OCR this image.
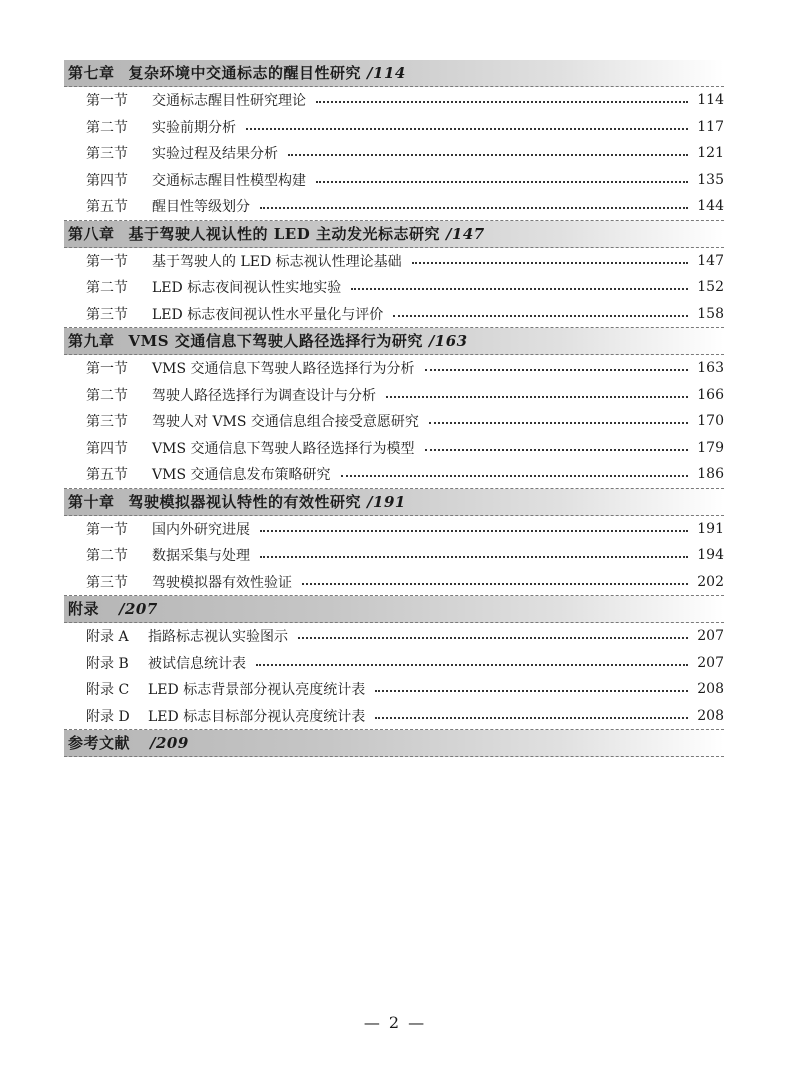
第七章 复杂环境中交通标志的醒目性研究 /114
第一节	交通标志醒目性研究理论	114
第二节	实验前期分析	117
第三节	实验过程及结果分析	121
第四节	交通标志醒目性模型构建	135
第五节	醒目性等级划分	144
第八章 基于驾驶人视认性的 LED 主动发光标志研究 /147
第一节	基于驾驶人的 LED 标志视认性理论基础	147
第二节	LED 标志夜间视认性实地实验	152
第三节	LED 标志夜间视认性水平量化与评价	158
第九章 VMS 交通信息下驾驶人路径选择行为研究 /163
第一节	VMS 交通信息下驾驶人路径选择行为分析	163
第二节	驾驶人路径选择行为调查设计与分析	166
第三节	驾驶人对 VMS 交通信息组合接受意愿研究	170
第四节	VMS 交通信息下驾驶人路径选择行为模型	179
第五节	VMS 交通信息发布策略研究	186
第十章 驾驶模拟器视认特性的有效性研究 /191
第一节	国内外研究进展	191
第二节	数据采集与处理	194
第三节	驾驶模拟器有效性验证	202
附录 /207
附录 A	指路标志视认实验图示	207
附录 B	被试信息统计表	207
附录 C	LED 标志背景部分视认亮度统计表	208
附录 D	LED 标志目标部分视认亮度统计表	208
参考文献 /209
— 2 —
